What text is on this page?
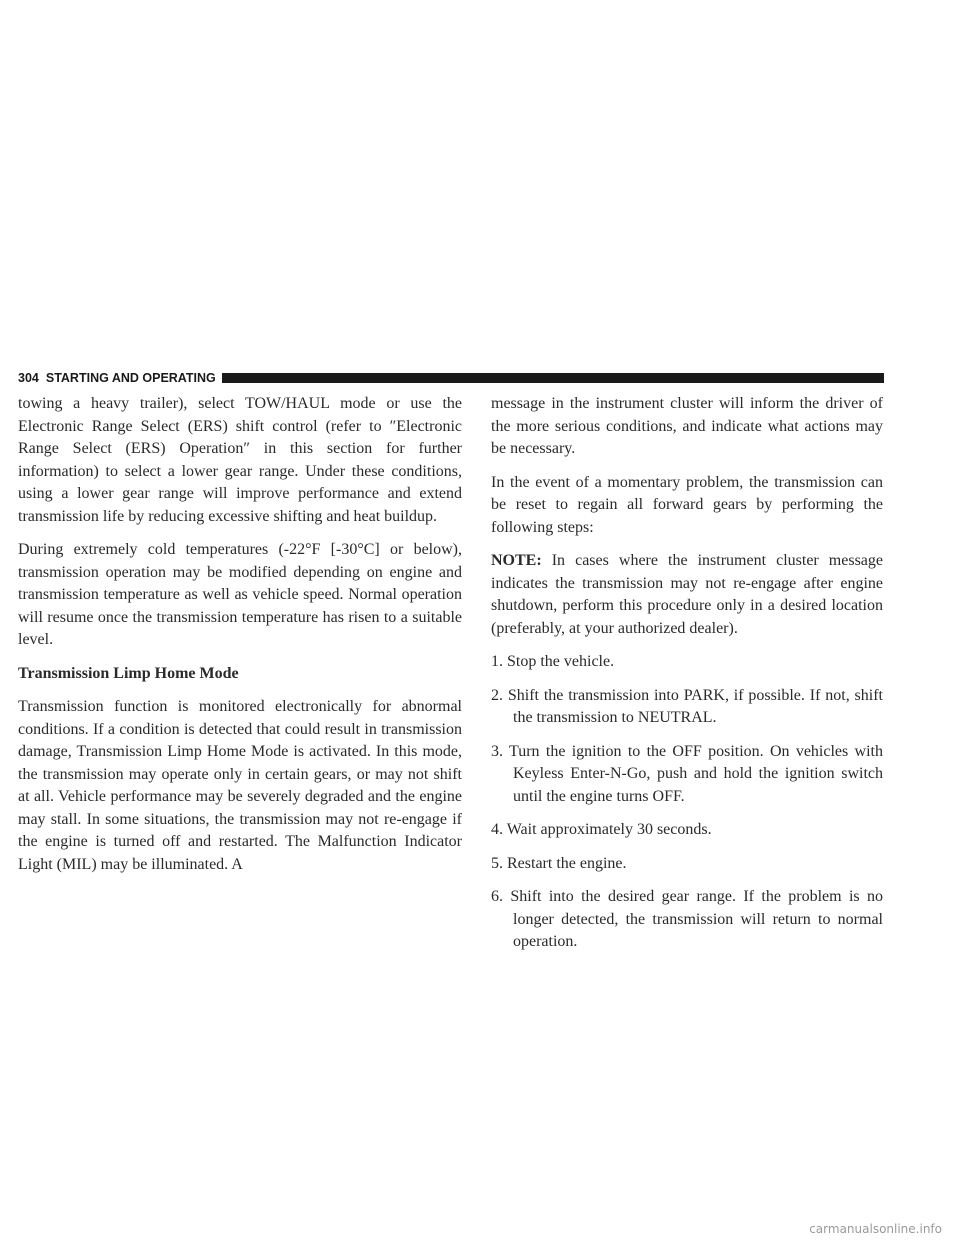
304 STARTING AND OPERATING

towing a heavy trailer), select TOW/HAUL mode or use the Electronic Range Select (ERS) shift control (refer to ″Electronic Range Select (ERS) Operation″ in this section for further information) to select a lower gear range. Under these conditions, using a lower gear range will improve performance and extend transmission life by reducing excessive shifting and heat buildup.

During extremely cold temperatures (-22°F [-30°C] or below), transmission operation may be modified depending on engine and transmission temperature as well as vehicle speed. Normal operation will resume once the transmission temperature has risen to a suitable level.

Transmission Limp Home Mode

Transmission function is monitored electronically for abnormal conditions. If a condition is detected that could result in transmission damage, Transmission Limp Home Mode is activated. In this mode, the transmission may operate only in certain gears, or may not shift at all. Vehicle performance may be severely degraded and the engine may stall. In some situations, the transmission may not re-engage if the engine is turned off and restarted. The Malfunction Indicator Light (MIL) may be illuminated. A

message in the instrument cluster will inform the driver of the more serious conditions, and indicate what actions may be necessary.

In the event of a momentary problem, the transmission can be reset to regain all forward gears by performing the following steps:

NOTE: In cases where the instrument cluster message indicates the transmission may not re-engage after engine shutdown, perform this procedure only in a desired location (preferably, at your authorized dealer).

1. Stop the vehicle.

2. Shift the transmission into PARK, if possible. If not, shift the transmission to NEUTRAL.

3. Turn the ignition to the OFF position. On vehicles with Keyless Enter-N-Go, push and hold the ignition switch until the engine turns OFF.

4. Wait approximately 30 seconds.

5. Restart the engine.

6. Shift into the desired gear range. If the problem is no longer detected, the transmission will return to normal operation.

carmanualsonline.info
